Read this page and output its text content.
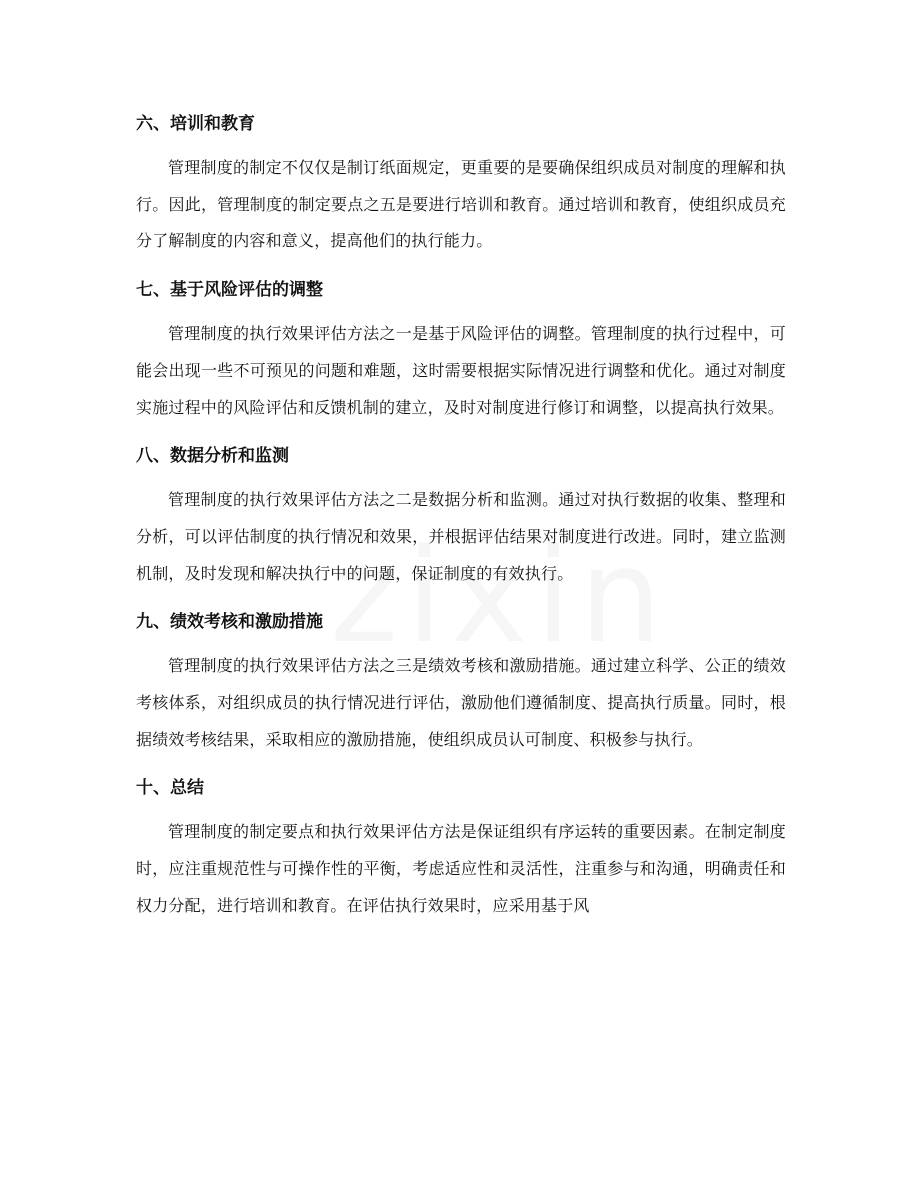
六、培训和教育

管理制度的制定不仅仅是制订纸面规定，更重要的是要确保组织成员对制度的理解和执行。因此，管理制度的制定要点之五是要进行培训和教育。通过培训和教育，使组织成员充分了解制度的内容和意义，提高他们的执行能力。

七、基于风险评估的调整

管理制度的执行效果评估方法之一是基于风险评估的调整。管理制度的执行过程中，可能会出现一些不可预见的问题和难题，这时需要根据实际情况进行调整和优化。通过对制度实施过程中的风险评估和反馈机制的建立，及时对制度进行修订和调整，以提高执行效果。

八、数据分析和监测

管理制度的执行效果评估方法之二是数据分析和监测。通过对执行数据的收集、整理和分析，可以评估制度的执行情况和效果，并根据评估结果对制度进行改进。同时，建立监测机制，及时发现和解决执行中的问题，保证制度的有效执行。

九、绩效考核和激励措施

管理制度的执行效果评估方法之三是绩效考核和激励措施。通过建立科学、公正的绩效考核体系，对组织成员的执行情况进行评估，激励他们遵循制度、提高执行质量。同时，根据绩效考核结果，采取相应的激励措施，使组织成员认可制度、积极参与执行。

十、总结

管理制度的制定要点和执行效果评估方法是保证组织有序运转的重要因素。在制定制度时，应注重规范性与可操作性的平衡，考虑适应性和灵活性，注重参与和沟通，明确责任和权力分配，进行培训和教育。在评估执行效果时，应采用基于风
